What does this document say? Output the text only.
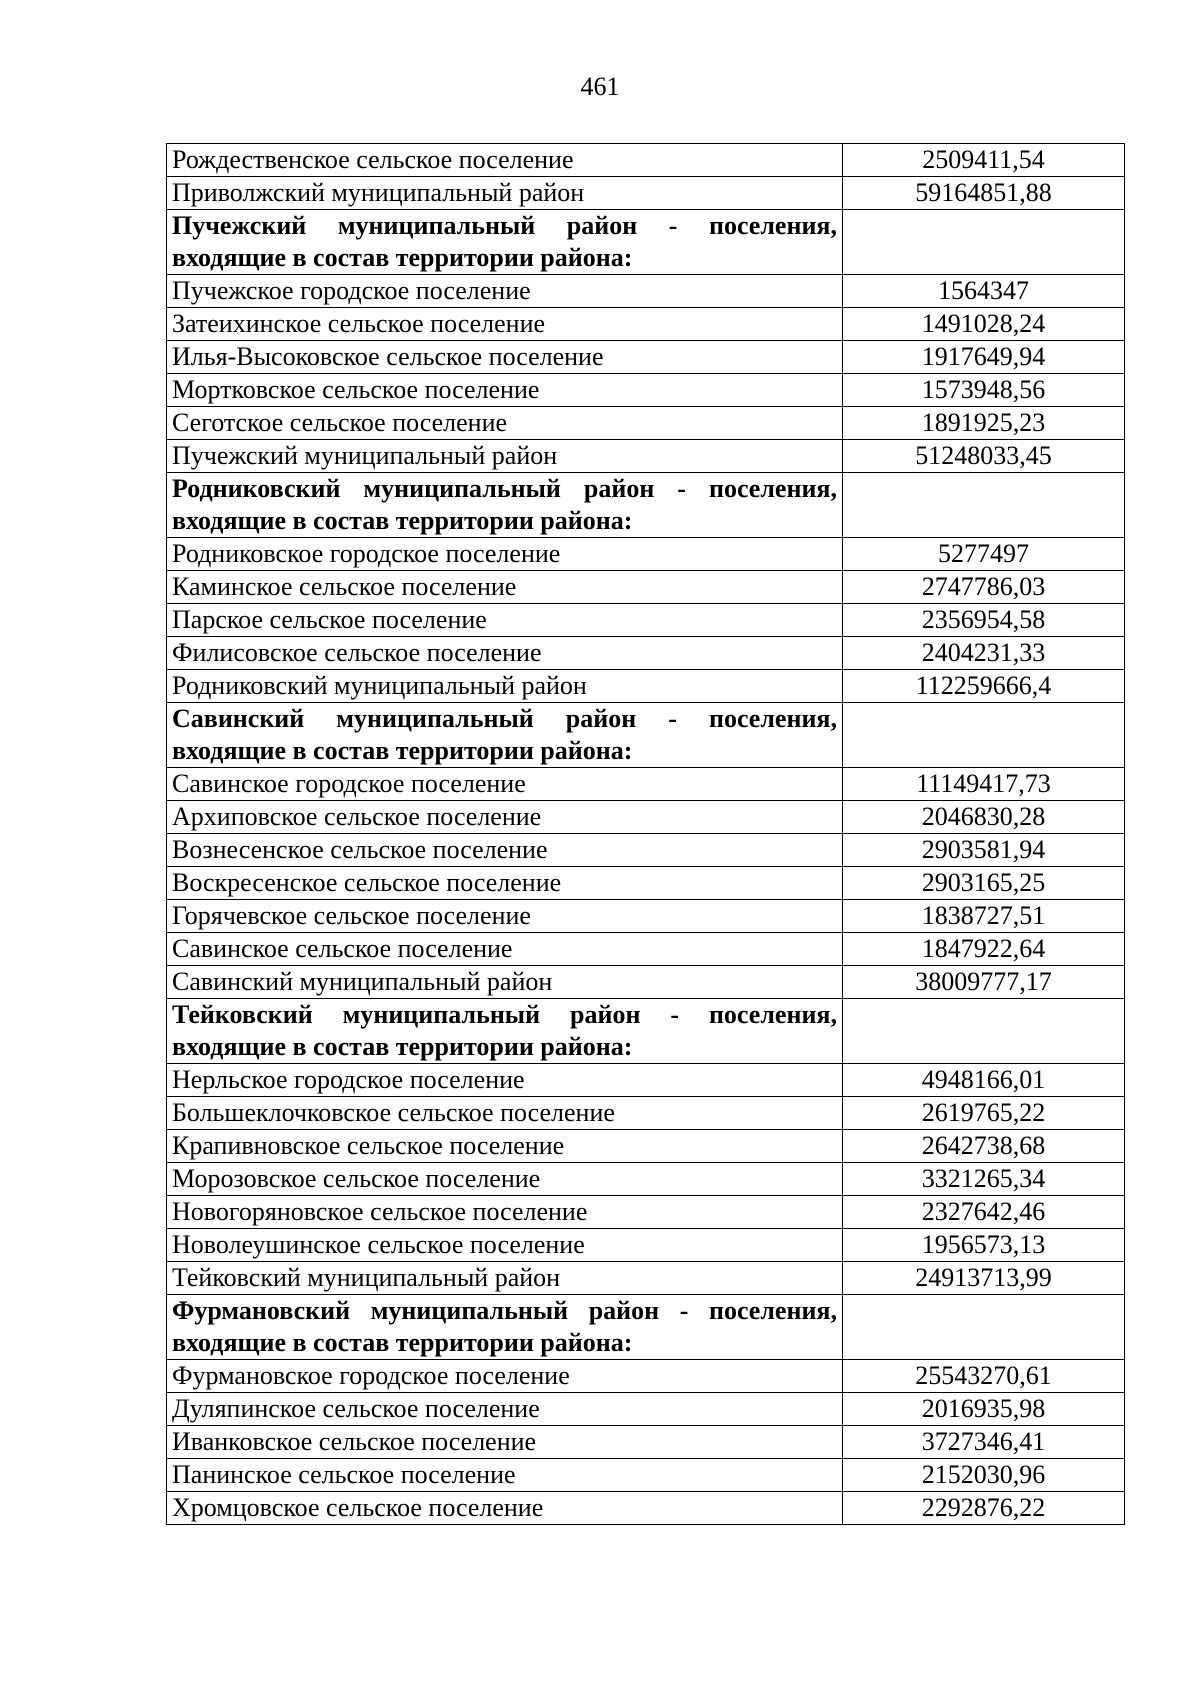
461
Рождественское сельское поселение	2509411,54
Приволжский муниципальный район	59164851,88
Пучежский муниципальный район - поселения, входящие в состав территории района:	
Пучежское городское поселение	1564347
Затеихинское сельское поселение	1491028,24
Илья-Высоковское сельское поселение	1917649,94
Мортковское сельское поселение	1573948,56
Сеготское сельское поселение	1891925,23
Пучежский муниципальный район	51248033,45
Родниковский муниципальный район - поселения, входящие в состав территории района:	
Родниковское городское поселение	5277497
Каминское сельское поселение	2747786,03
Парское сельское поселение	2356954,58
Филисовское сельское поселение	2404231,33
Родниковский муниципальный район	112259666,4
Савинский муниципальный район - поселения, входящие в состав территории района:	
Савинское городское поселение	11149417,73
Архиповское сельское поселение	2046830,28
Вознесенское сельское поселение	2903581,94
Воскресенское сельское поселение	2903165,25
Горячевское сельское поселение	1838727,51
Савинское сельское поселение	1847922,64
Савинский муниципальный район	38009777,17
Тейковский муниципальный район - поселения, входящие в состав территории района:	
Нерльское городское поселение	4948166,01
Большеклочковское сельское поселение	2619765,22
Крапивновское сельское поселение	2642738,68
Морозовское сельское поселение	3321265,34
Новогоряновское сельское поселение	2327642,46
Новолеушинское сельское поселение	1956573,13
Тейковский муниципальный район	24913713,99
Фурмановский муниципальный район - поселения, входящие в состав территории района:	
Фурмановское городское поселение	25543270,61
Дуляпинское сельское поселение	2016935,98
Иванковское сельское поселение	3727346,41
Панинское сельское поселение	2152030,96
Хромцовское сельское поселение	2292876,22
